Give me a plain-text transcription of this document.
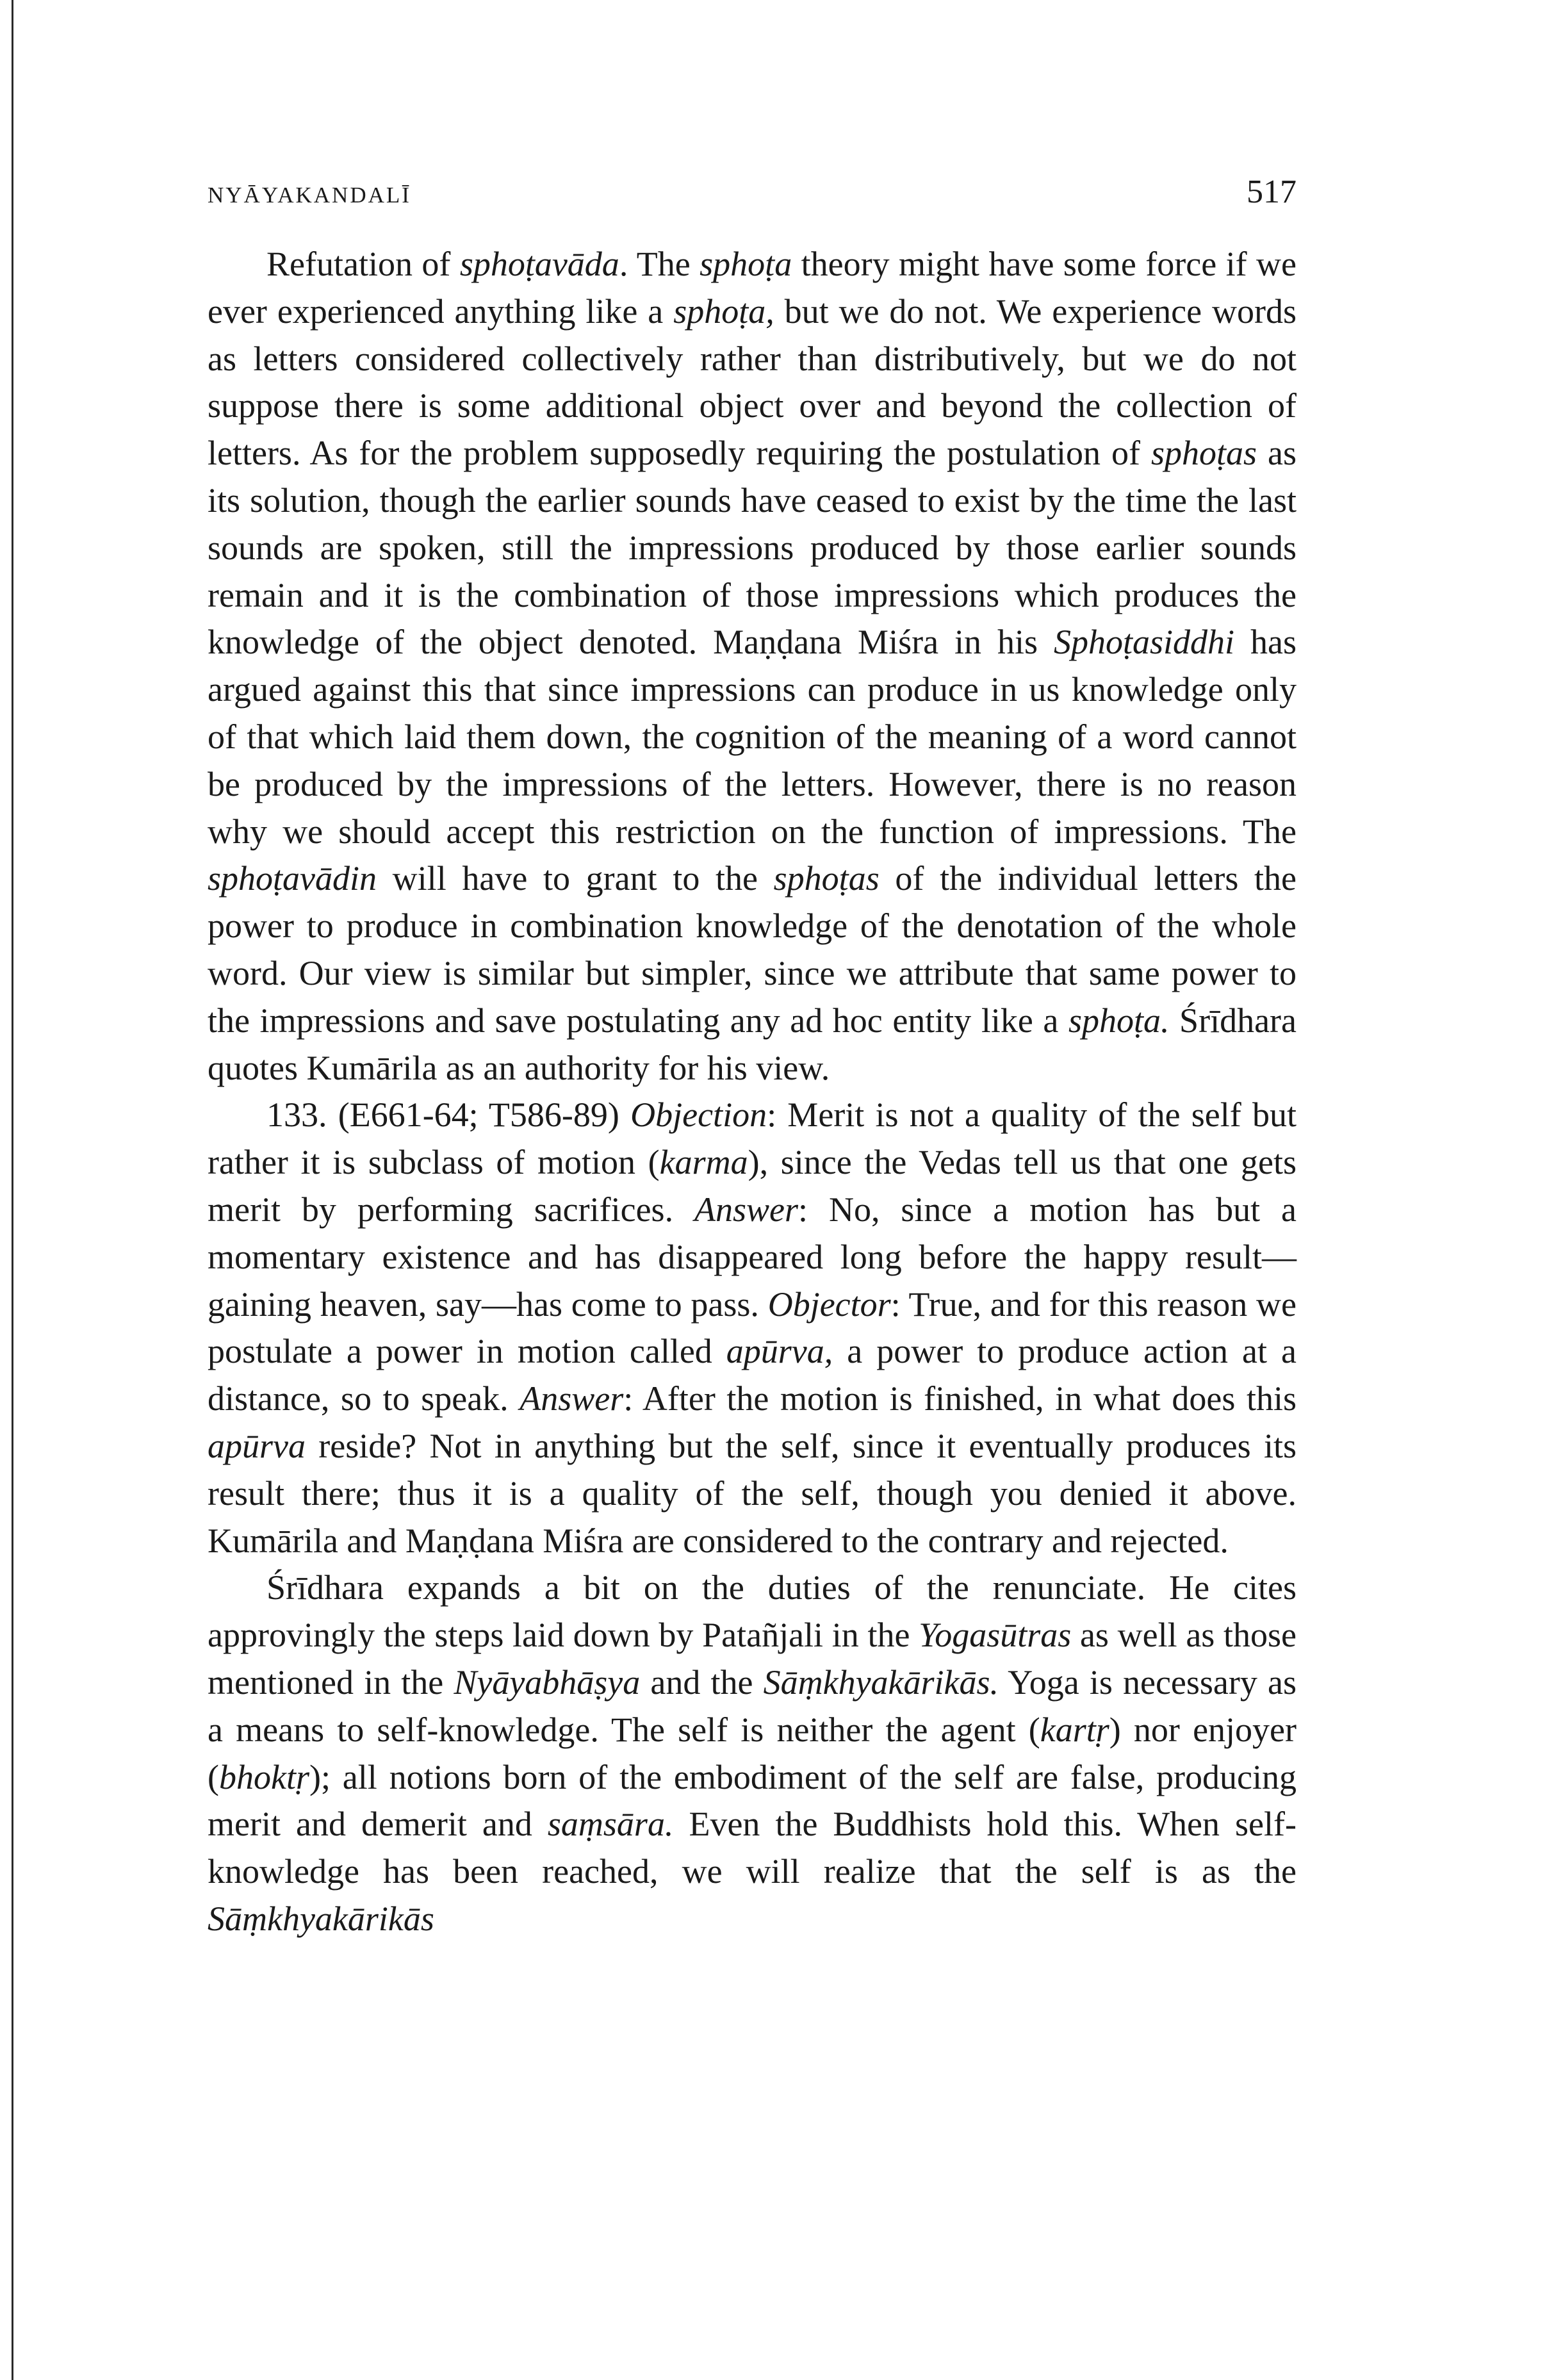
NYĀYAKANDALĪ	517

Refutation of sphoṭavāda. The sphoṭa theory might have some force if we ever experienced anything like a sphoṭa, but we do not. We experience words as letters considered collectively rather than distributively, but we do not suppose there is some additional object over and beyond the collection of letters. As for the problem supposedly requiring the postulation of sphoṭas as its solution, though the earlier sounds have ceased to exist by the time the last sounds are spoken, still the impressions produced by those earlier sounds remain and it is the combination of those impressions which produces the knowledge of the object denoted. Maṇḍana Miśra in his Sphoṭasiddhi has argued against this that since impressions can produce in us knowledge only of that which laid them down, the cognition of the meaning of a word cannot be produced by the impressions of the letters. However, there is no reason why we should accept this restriction on the function of impressions. The sphoṭavādin will have to grant to the sphoṭas of the individual letters the power to produce in combination knowledge of the denotation of the whole word. Our view is similar but simpler, since we attribute that same power to the impressions and save postulating any ad hoc entity like a sphoṭa. Śrīdhara quotes Kumārila as an authority for his view.

133. (E661-64; T586-89) Objection: Merit is not a quality of the self but rather it is subclass of motion (karma), since the Vedas tell us that one gets merit by performing sacrifices. Answer: No, since a motion has but a momentary existence and has disappeared long before the happy result—gaining heaven, say—has come to pass. Objector: True, and for this reason we postulate a power in motion called apūrva, a power to produce action at a distance, so to speak. Answer: After the motion is finished, in what does this apūrva reside? Not in anything but the self, since it eventually produces its result there; thus it is a quality of the self, though you denied it above. Kumārila and Maṇḍana Miśra are considered to the contrary and rejected.

Śrīdhara expands a bit on the duties of the renunciate. He cites approvingly the steps laid down by Patañjali in the Yogasūtras as well as those mentioned in the Nyāyabhāṣya and the Sāṃkhyakārikās. Yoga is necessary as a means to self-knowledge. The self is neither the agent (kartṛ) nor enjoyer (bhoktṛ); all notions born of the embodiment of the self are false, producing merit and demerit and saṃsāra. Even the Buddhists hold this. When self-knowledge has been reached, we will realize that the self is as the Sāṃkhyakārikās
